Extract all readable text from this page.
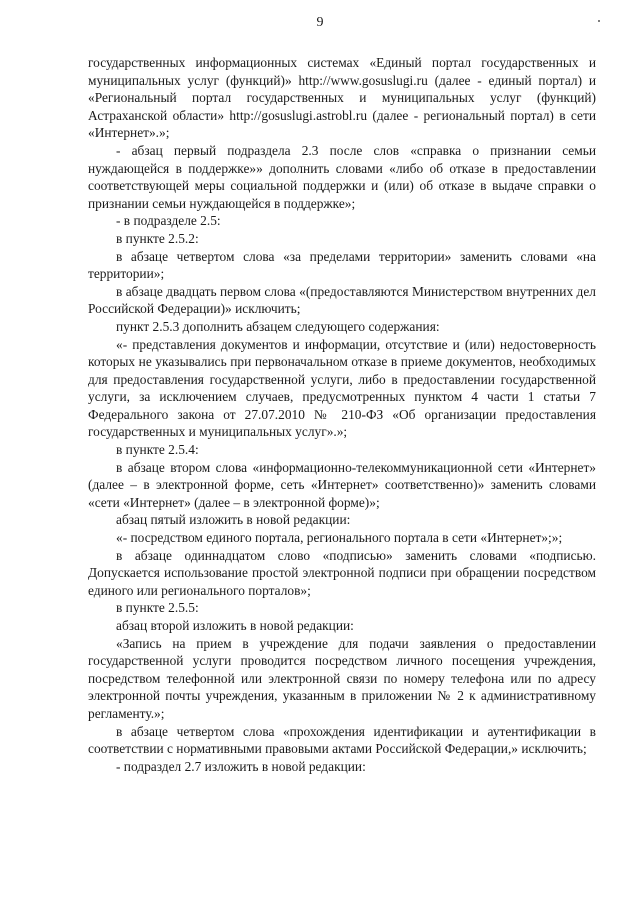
9

государственных информационных системах «Единый портал государственных и муниципальных услуг (функций)» http://www.gosuslugi.ru (далее - единый портал) и «Региональный портал государственных и муниципальных услуг (функций) Астраханской области» http://gosuslugi.astrobl.ru (далее - региональный портал) в сети «Интернет».»;

- абзац первый подраздела 2.3 после слов «справка о признании семьи нуждающейся в поддержке»» дополнить словами «либо об отказе в предоставлении соответствующей меры социальной поддержки и (или) об отказе в выдаче справки о признании семьи нуждающейся в поддержке»;

- в подразделе 2.5:

в пункте 2.5.2:

в абзаце четвертом слова «за пределами территории» заменить словами «на территории»;

в абзаце двадцать первом слова «(предоставляются Министерством внутренних дел Российской Федерации)» исключить;

пункт 2.5.3 дополнить абзацем следующего содержания:

«- представления документов и информации, отсутствие и (или) недостоверность которых не указывались при первоначальном отказе в приеме документов, необходимых для предоставления государственной услуги, либо в предоставлении государственной услуги, за исключением случаев, предусмотренных пунктом 4 части 1 статьи 7 Федерального закона от 27.07.2010 № 210-ФЗ «Об организации предоставления государственных и муниципальных услуг».»;

в пункте 2.5.4:

в абзаце втором слова «информационно-телекоммуникационной сети «Интернет» (далее – в электронной форме, сеть «Интернет» соответственно)» заменить словами «сети «Интернет» (далее – в электронной форме)»;

абзац пятый изложить в новой редакции:

«- посредством единого портала, регионального портала в сети «Интернет»;»;

в абзаце одиннадцатом слово «подписью» заменить словами «подписью. Допускается использование простой электронной подписи при обращении посредством единого или регионального порталов»;

в пункте 2.5.5:

абзац второй изложить в новой редакции:

«Запись на прием в учреждение для подачи заявления о предоставлении государственной услуги проводится посредством личного посещения учреждения, посредством телефонной или электронной связи по номеру телефона или по адресу электронной почты учреждения, указанным в приложении № 2 к административному регламенту.»;

в абзаце четвертом слова «прохождения идентификации и аутентификации в соответствии с нормативными правовыми актами Российской Федерации,» исключить;

- подраздел 2.7 изложить в новой редакции:
